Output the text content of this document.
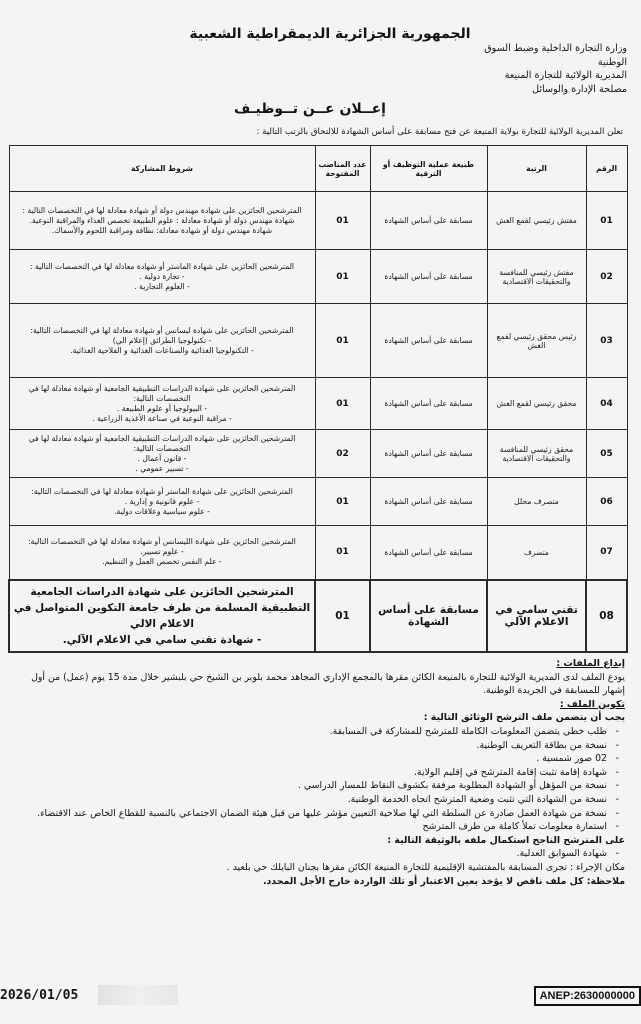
الجمهورية الجزائرية الديمقراطية الشعبية
وزارة التجارة الداخلية وضبط السوق
الوطنية
المديرية الولائية للتجارة المنيعة
مصلحة الإدارة والوسائل
إعــلان عــن تــوظيـف
تعلن المديرية الولائية للتجارة بولاية المنيعة عن فتح مسابقة على أساس الشهادة للالتحاق بالرتب التالية :
الرقم	الرتبة	طبيعة عملية التوظيف أو الترقية	عدد المناصب المفتوحة	شروط المشاركة
01	مفتش رئيسي لقمع الغش	مسابقة على أساس الشهادة	01	المترشحين الحائزين على شهادة مهندس دولة أو شهادة معادلة لها في التخصصات التالية :
شهادة مهندس دولة أو شهادة معادلة : علوم الطبيعة تخصص الغذاء والمراقبة النوعية.
شهادة مهندس دولة أو شهادة معادلة: نظافة ومراقبة اللحوم والأسماك.

02	مفتش رئيسي للمنافسة والتحقيقات الاقتصادية	مسابقة على أساس الشهادة	01	المترشحين الحائزين على شهادة الماستر أو شهادة معادلة لها في التخصصات التالية :
- تجارة دولية .
- العلوم التجارية .

03	رئيس محقق رئيسي لقمع الغش	مسابقة على أساس الشهادة	01	المترشحين الحائزين على شهادة ليسانس أو شهادة معادلة لها في التخصصات التالية:
- تكنولوجيا الطرائق (إعلام الي)
- التكنولوجيا الغذائية والصناعات الغذائية و الفلاحية الغذائية.

04	محقق رئيسي لقمع الغش	مسابقة على أساس الشهادة	01	المترشحين الحائزين على شهادة الدراسات التطبيقية الجامعية أو شهادة معادلة لها في التخصصات التالية:
- البيولوجيا أو علوم الطبيعة .
- مراقبة النوعية في صناعة الأغذية الزراعية .

05	محقق رئيسي للمنافسة والتحقيقات الاقتصادية	مسابقة على أساس الشهادة	02	المترشحين الحائزين على شهادة الدراسات التطبيقية الجامعية أو شهادة معادلة لها في التخصصات التالية:
- قانون أعمال .
- تسيير عمومي .

06	متصرف محلل	مسابقة على أساس الشهادة	01	المترشحين الحائزين على شهادة الماستر أو شهادة معادلة لها في التخصصات التالية:
- علوم قانونية و إدارية .
- علوم سياسية وعلاقات دولية.

07	متصرف	مسابقة على أساس الشهادة	01	المترشحين الحائزين على شهادة الليسانس أو شهادة معادلة لها في التخصصات التالية:
- علوم تسيير.
- علم النفس تخصص العمل و التنظيم.

08	تقني سامي في الاعلام الآلي	مسابقة على أساس الشهادة	01	المترشحين الحائزين على شهادة الدراسات الجامعية التطبيقية المسلمة من طرف جامعة التكوين المتواصل في الاعلام الالي
- شهادة تقني سامي في الاعلام الآلي.

إيداع الملفات :

يودع الملف لدى المديرية الولائية للتجارة بالمنيعة الكائن مقرها بالمجمع الإداري المجاهد محمد بلوبر بن الشيخ حي بلبشير خلال مدة 15 يوم (عمل) من أول إشهار للمسابقة في الجريدة الوطنية.

تكوين الملف :

يجب أن يتضمن ملف الترشح الوثائق التالية :

- طلب خطي يتضمن المعلومات الكاملة للمترشح للمشاركة في المسابقة.
- نسخة من بطاقة التعريف الوطنية.
- 02 صور شمسية .
- شهادة إقامة تثبت إقامة المترشح في إقليم الولاية.
- نسخة من المؤهل أو الشهادة المطلوبة مرفقة بكشوف النقاط للمسار الدراسي .
- نسخة من الشهادة التي تثبت وضعية المترشح اتجاه الخدمة الوطنية.
- نسخة من شهادة العمل صادرة عن السلطة التي لها صلاحية التعيين مؤشر عليها من قبل هيئة الضمان الاجتماعي بالنسبة للقطاع الخاص عند الاقتضاء.
- استمارة معلومات تملأ كاملة من طرف المترشح

على المترشح الناجح استكمال ملفه بالوثيقة التالية :

- شهادة السوابق العدلية.

مكان الإجراء : تجرى المسابقة بالمفتشية الإقليمية للتجارة المنيعة الكائن مقرها بجنان البايلك حي بلعيد .

ملاحظة: كل ملف ناقص لا يؤخذ بعين الاعتبار أو تلك الواردة خارج الأجل المحدد.

2026/01/05	ANEP:2630000000
